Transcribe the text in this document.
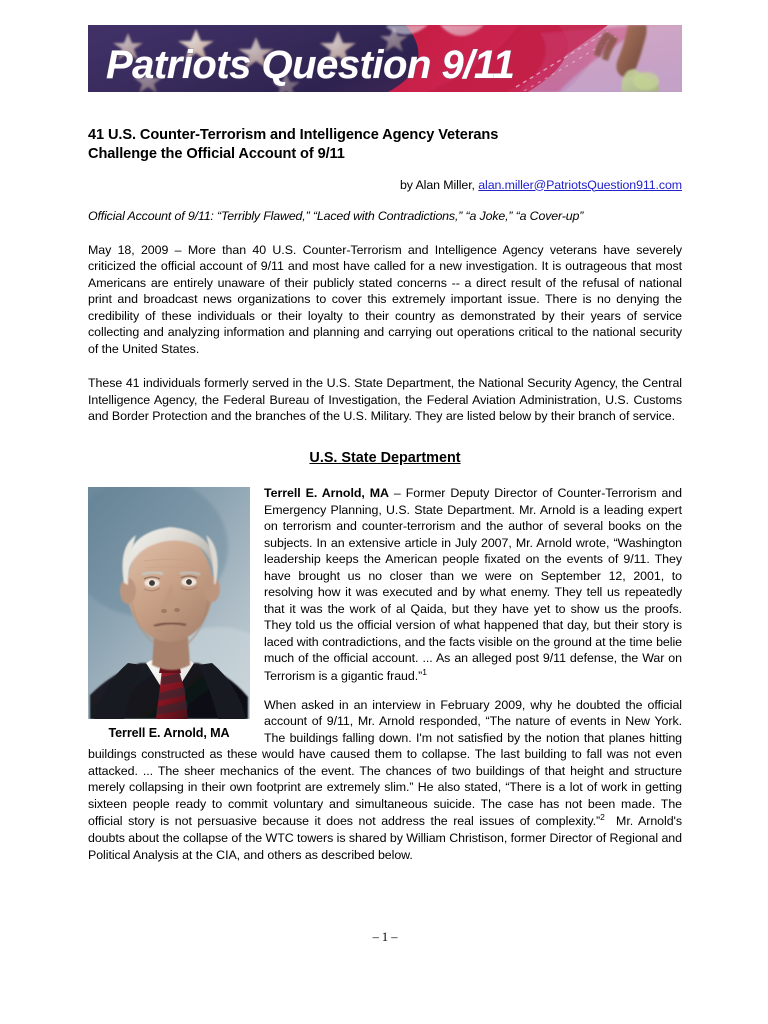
Patriots Question 9/11
41 U.S. Counter-Terrorism and Intelligence Agency Veterans
Challenge the Official Account of 9/11
by Alan Miller, alan.miller@PatriotsQuestion911.com
Official Account of 9/11: “Terribly Flawed,” “Laced with Contradictions,” “a Joke,” “a Cover-up”

May 18, 2009 – More than 40 U.S. Counter-Terrorism and Intelligence Agency veterans have severely criticized the official account of 9/11 and most have called for a new investigation. It is outrageous that most Americans are entirely unaware of their publicly stated concerns -- a direct result of the refusal of national print and broadcast news organizations to cover this extremely important issue. There is no denying the credibility of these individuals or their loyalty to their country as demonstrated by their years of service collecting and analyzing information and planning and carrying out operations critical to the national security of the United States.

These 41 individuals formerly served in the U.S. State Department, the National Security Agency, the Central Intelligence Agency, the Federal Bureau of Investigation, the Federal Aviation Administration, U.S. Customs and Border Protection and the branches of the U.S. Military. They are listed below by their branch of service.

U.S. State Department
Terrell E. Arnold, MA
Terrell E. Arnold, MA – Former Deputy Director of Counter-Terrorism and Emergency Planning, U.S. State Department. Mr. Arnold is a leading expert on terrorism and counter-terrorism and the author of several books on the subjects. In an extensive article in July 2007, Mr. Arnold wrote, “Washington leadership keeps the American people fixated on the events of 9/11. They have brought us no closer than we were on September 12, 2001, to resolving how it was executed and by what enemy. They tell us repeatedly that it was the work of al Qaida, but they have yet to show us the proofs. They told us the official version of what happened that day, but their story is laced with contradictions, and the facts visible on the ground at the time belie much of the official account. ... As an alleged post 9/11 defense, the War on Terrorism is a gigantic fraud.”$^1$

When asked in an interview in February 2009, why he doubted the official account of 9/11, Mr. Arnold responded, “The nature of events in New York. The buildings falling down. I'm not satisfied by the notion that planes hitting buildings constructed as these would have caused them to collapse. The last building to fall was not even attacked. ... The sheer mechanics of the event. The chances of two buildings of that height and structure merely collapsing in their own footprint are extremely slim.” He also stated, “There is a lot of work in getting sixteen people ready to commit voluntary and simultaneous suicide. The case has not been made. The official story is not persuasive because it does not address the real issues of complexity.”$^2$ Mr. Arnold's doubts about the collapse of the WTC towers is shared by William Christison, former Director of Regional and Political Analysis at the CIA, and others as described below.

– 1 –
